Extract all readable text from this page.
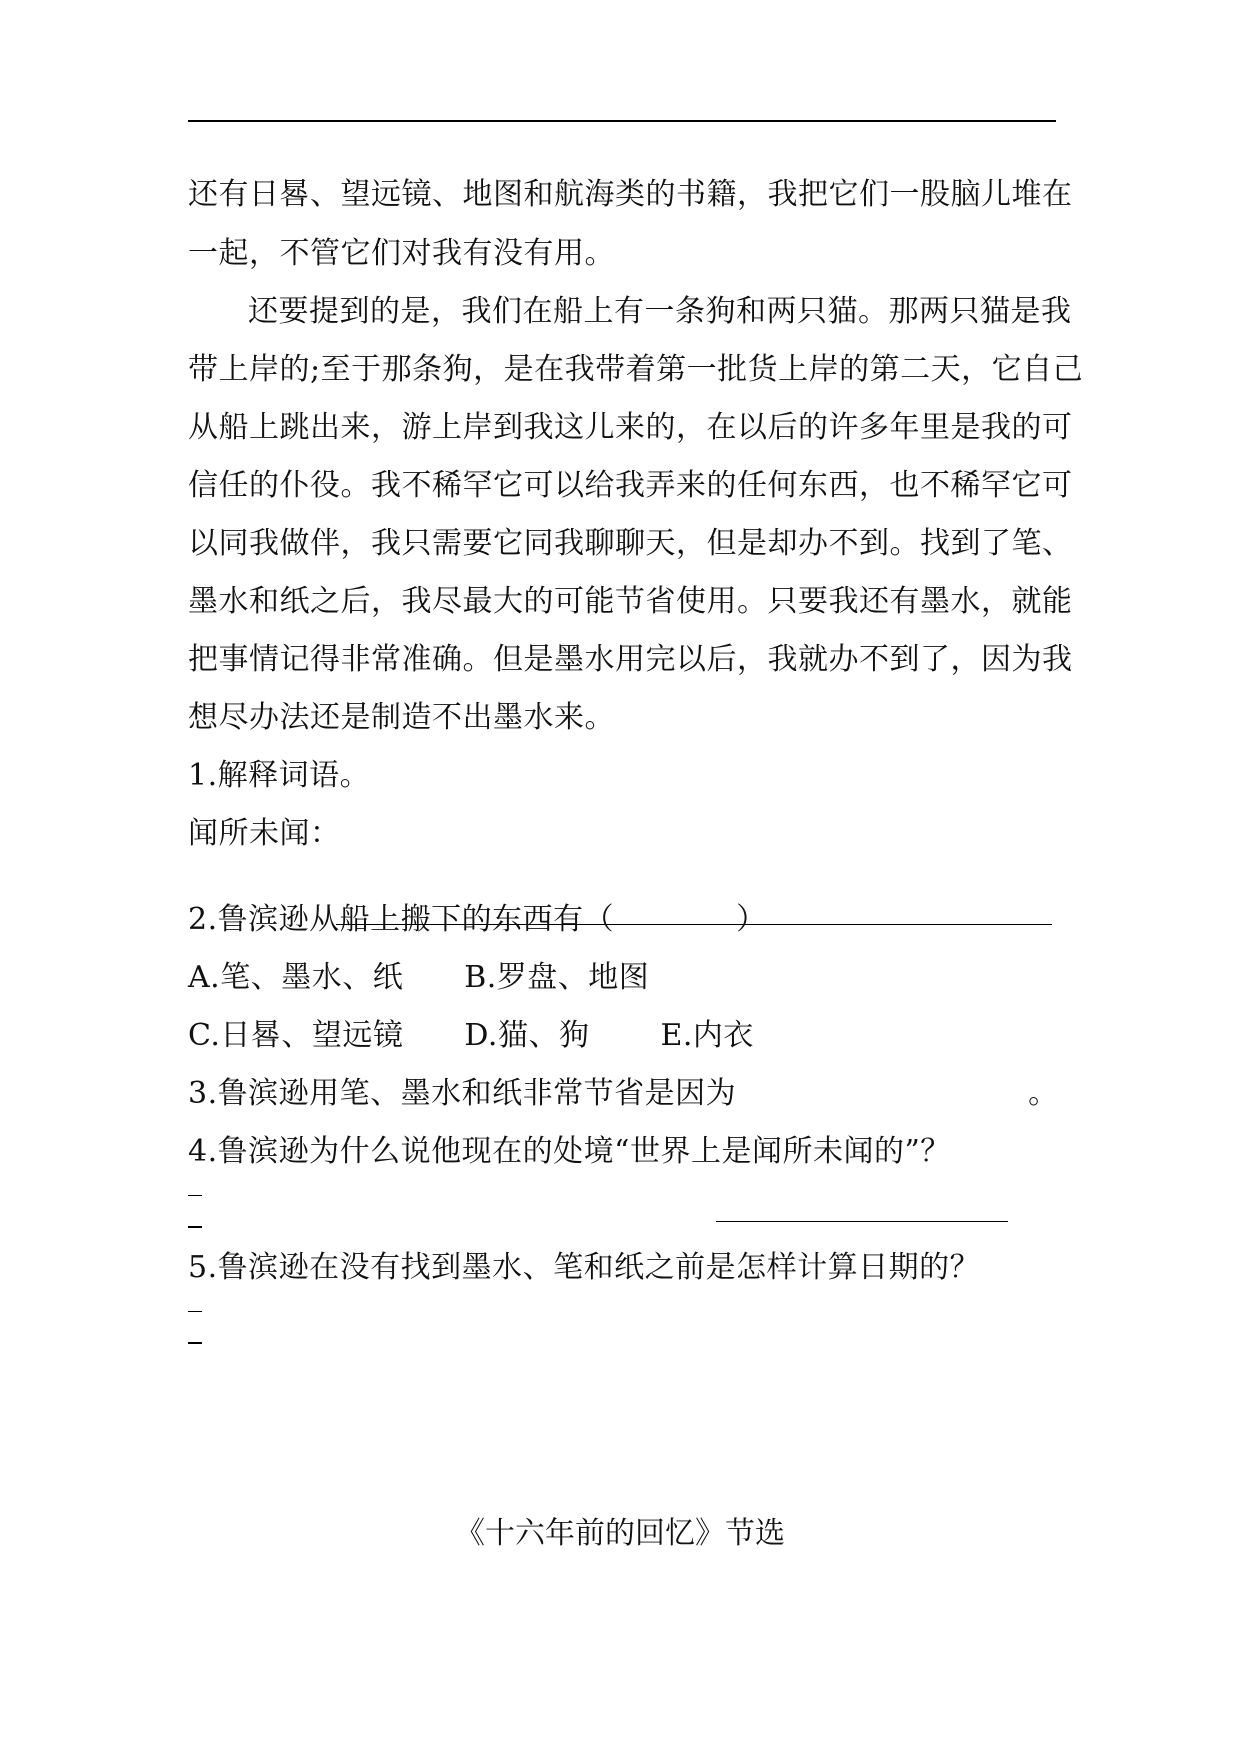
还有日晷、望远镜、地图和航海类的书籍，我把它们一股脑儿堆在
一起，不管它们对我有没有用。
还要提到的是，我们在船上有一条狗和两只猫。那两只猫是我
带上岸的;至于那条狗，是在我带着第一批货上岸的第二天，它自己
从船上跳出来，游上岸到我这儿来的，在以后的许多年里是我的可
信任的仆役。我不稀罕它可以给我弄来的任何东西，也不稀罕它可
以同我做伴，我只需要它同我聊聊天，但是却办不到。找到了笔、
墨水和纸之后，我尽最大的可能节省使用。只要我还有墨水，就能
把事情记得非常准确。但是墨水用完以后，我就办不到了，因为我
想尽办法还是制造不出墨水来。
1.解释词语。
闻所未闻：
2.鲁滨逊从船上搬下的东西有（　　　　）
A.笔、墨水、纸　　B.罗盘、地图
C.日晷、望远镜　　D.猫、狗　　 E.内衣
3.鲁滨逊用笔、墨水和纸非常节省是因为	。
4.鲁滨逊为什么说他现在的处境“世界上是闻所未闻的”？
5.鲁滨逊在没有找到墨水、笔和纸之前是怎样计算日期的？
《十六年前的回忆》节选
